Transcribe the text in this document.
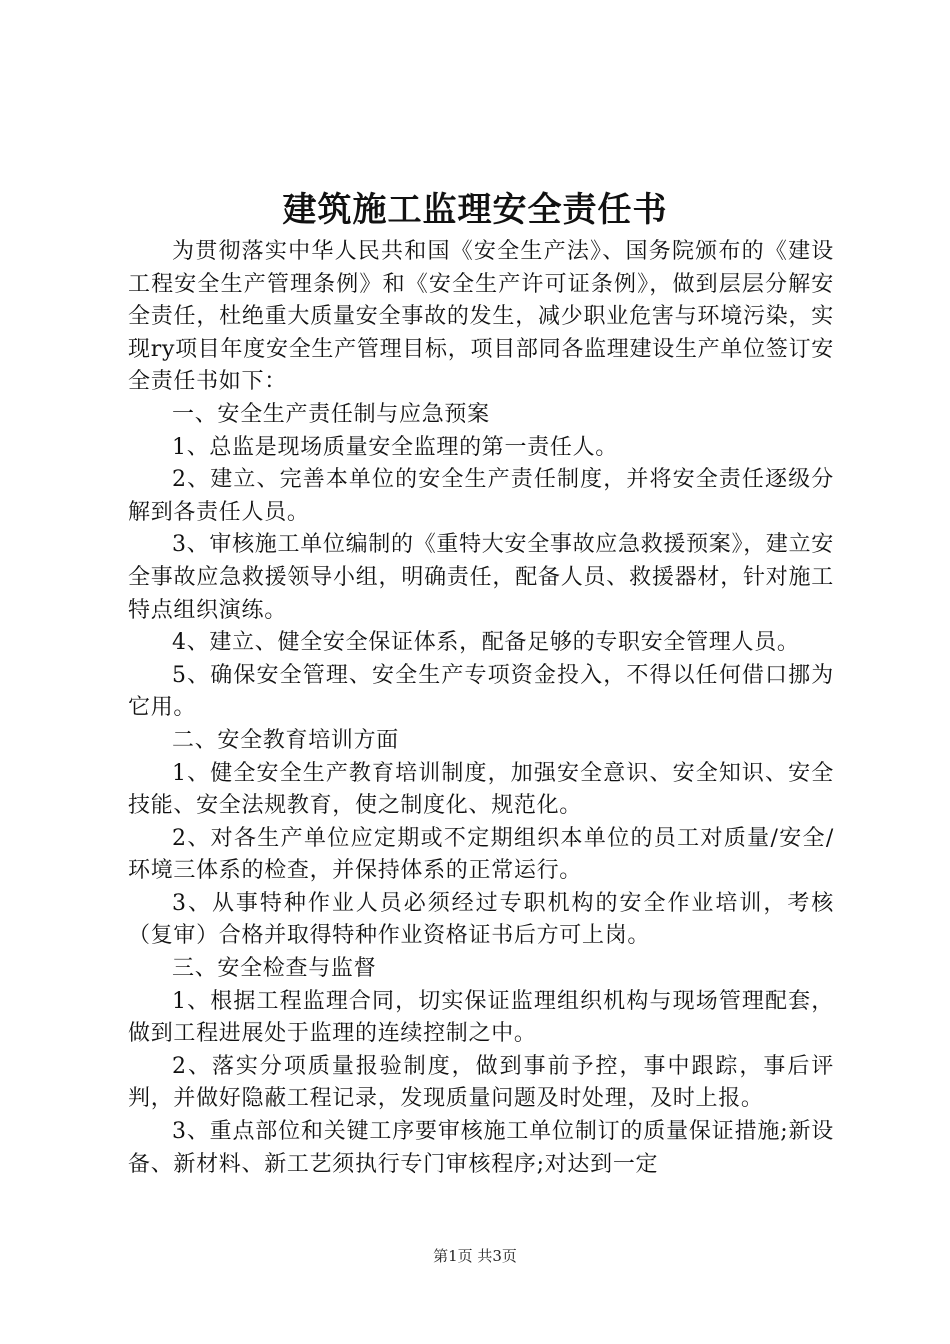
建筑施工监理安全责任书

为贯彻落实中华人民共和国《安全生产法》、国务院颁布的《建设工程安全生产管理条例》和《安全生产许可证条例》，做到层层分解安全责任，杜绝重大质量安全事故的发生，减少职业危害与环境污染，实现ry项目年度安全生产管理目标，项目部同各监理建设生产单位签订安全责任书如下：

一、安全生产责任制与应急预案

1、总监是现场质量安全监理的第一责任人。

2、建立、完善本单位的安全生产责任制度，并将安全责任逐级分解到各责任人员。

3、审核施工单位编制的《重特大安全事故应急救援预案》，建立安全事故应急救援领导小组，明确责任，配备人员、救援器材，针对施工特点组织演练。

4、建立、健全安全保证体系，配备足够的专职安全管理人员。

5、确保安全管理、安全生产专项资金投入，不得以任何借口挪为它用。

二、安全教育培训方面

1、健全安全生产教育培训制度，加强安全意识、安全知识、安全技能、安全法规教育，使之制度化、规范化。

2、对各生产单位应定期或不定期组织本单位的员工对质量/安全/环境三体系的检查，并保持体系的正常运行。

3、从事特种作业人员必须经过专职机构的安全作业培训，考核（复审）合格并取得特种作业资格证书后方可上岗。

三、安全检查与监督

1、根据工程监理合同，切实保证监理组织机构与现场管理配套，做到工程进展处于监理的连续控制之中。

2、落实分项质量报验制度，做到事前予控，事中跟踪，事后评判，并做好隐蔽工程记录，发现质量问题及时处理，及时上报。

3、重点部位和关键工序要审核施工单位制订的质量保证措施;新设备、新材料、新工艺须执行专门审核程序;对达到一定

第1页 共3页
